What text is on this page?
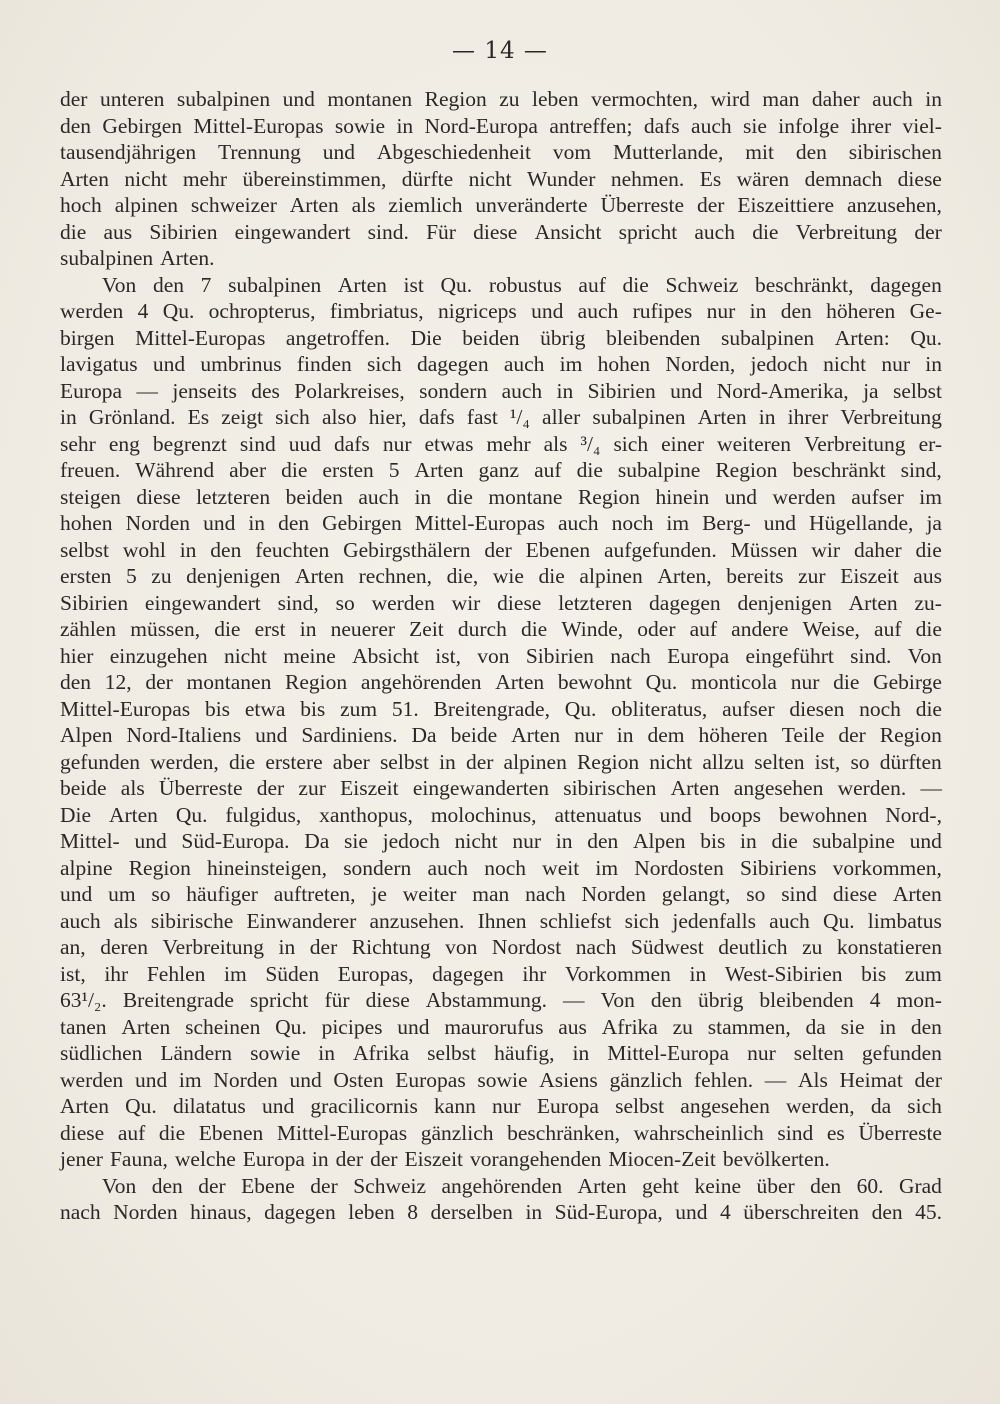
— 14 —
der unteren subalpinen und montanen Region zu leben vermochten, wird man daher auch in
den Gebirgen Mittel-Europas sowie in Nord-Europa antreffen; dafs auch sie infolge ihrer viel-
tausendjährigen Trennung und Abgeschiedenheit vom Mutterlande, mit den sibirischen
Arten nicht mehr übereinstimmen, dürfte nicht Wunder nehmen. Es wären demnach diese
hoch alpinen schweizer Arten als ziemlich unveränderte Überreste der Eiszeittiere anzusehen,
die aus Sibirien eingewandert sind. Für diese Ansicht spricht auch die Verbreitung der
subalpinen Arten.
Von den 7 subalpinen Arten ist Qu. robustus auf die Schweiz beschränkt, dagegen
werden 4 Qu. ochropterus, fimbriatus, nigriceps und auch rufipes nur in den höheren Ge-
birgen Mittel-Europas angetroffen. Die beiden übrig bleibenden subalpinen Arten: Qu.
lavigatus und umbrinus finden sich dagegen auch im hohen Norden, jedoch nicht nur in
Europa — jenseits des Polarkreises, sondern auch in Sibirien und Nord-Amerika, ja selbst
in Grönland. Es zeigt sich also hier, dafs fast ¹/₄ aller subalpinen Arten in ihrer Verbreitung
sehr eng begrenzt sind uud dafs nur etwas mehr als ³/₄ sich einer weiteren Verbreitung er-
freuen. Während aber die ersten 5 Arten ganz auf die subalpine Region beschränkt sind,
steigen diese letzteren beiden auch in die montane Region hinein und werden aufser im
hohen Norden und in den Gebirgen Mittel-Europas auch noch im Berg- und Hügellande, ja
selbst wohl in den feuchten Gebirgsthälern der Ebenen aufgefunden. Müssen wir daher die
ersten 5 zu denjenigen Arten rechnen, die, wie die alpinen Arten, bereits zur Eiszeit aus
Sibirien eingewandert sind, so werden wir diese letzteren dagegen denjenigen Arten zu-
zählen müssen, die erst in neuerer Zeit durch die Winde, oder auf andere Weise, auf die
hier einzugehen nicht meine Absicht ist, von Sibirien nach Europa eingeführt sind. Von
den 12, der montanen Region angehörenden Arten bewohnt Qu. monticola nur die Gebirge
Mittel-Europas bis etwa bis zum 51. Breitengrade, Qu. obliteratus, aufser diesen noch die
Alpen Nord-Italiens und Sardiniens. Da beide Arten nur in dem höheren Teile der Region
gefunden werden, die erstere aber selbst in der alpinen Region nicht allzu selten ist, so dürften
beide als Überreste der zur Eiszeit eingewanderten sibirischen Arten angesehen werden. —
Die Arten Qu. fulgidus, xanthopus, molochinus, attenuatus und boops bewohnen Nord-,
Mittel- und Süd-Europa. Da sie jedoch nicht nur in den Alpen bis in die subalpine und
alpine Region hineinsteigen, sondern auch noch weit im Nordosten Sibiriens vorkommen,
und um so häufiger auftreten, je weiter man nach Norden gelangt, so sind diese Arten
auch als sibirische Einwanderer anzusehen. Ihnen schliefst sich jedenfalls auch Qu. limbatus
an, deren Verbreitung in der Richtung von Nordost nach Südwest deutlich zu konstatieren
ist, ihr Fehlen im Süden Europas, dagegen ihr Vorkommen in West-Sibirien bis zum
63¹/₂. Breitengrade spricht für diese Abstammung. — Von den übrig bleibenden 4 mon-
tanen Arten scheinen Qu. picipes und maurorufus aus Afrika zu stammen, da sie in den
südlichen Ländern sowie in Afrika selbst häufig, in Mittel-Europa nur selten gefunden
werden und im Norden und Osten Europas sowie Asiens gänzlich fehlen. — Als Heimat der
Arten Qu. dilatatus und gracilicornis kann nur Europa selbst angesehen werden, da sich
diese auf die Ebenen Mittel-Europas gänzlich beschränken, wahrscheinlich sind es Überreste
jener Fauna, welche Europa in der der Eiszeit vorangehenden Miocen-Zeit bevölkerten.
Von den der Ebene der Schweiz angehörenden Arten geht keine über den 60. Grad
nach Norden hinaus, dagegen leben 8 derselben in Süd-Europa, und 4 überschreiten den 45.
